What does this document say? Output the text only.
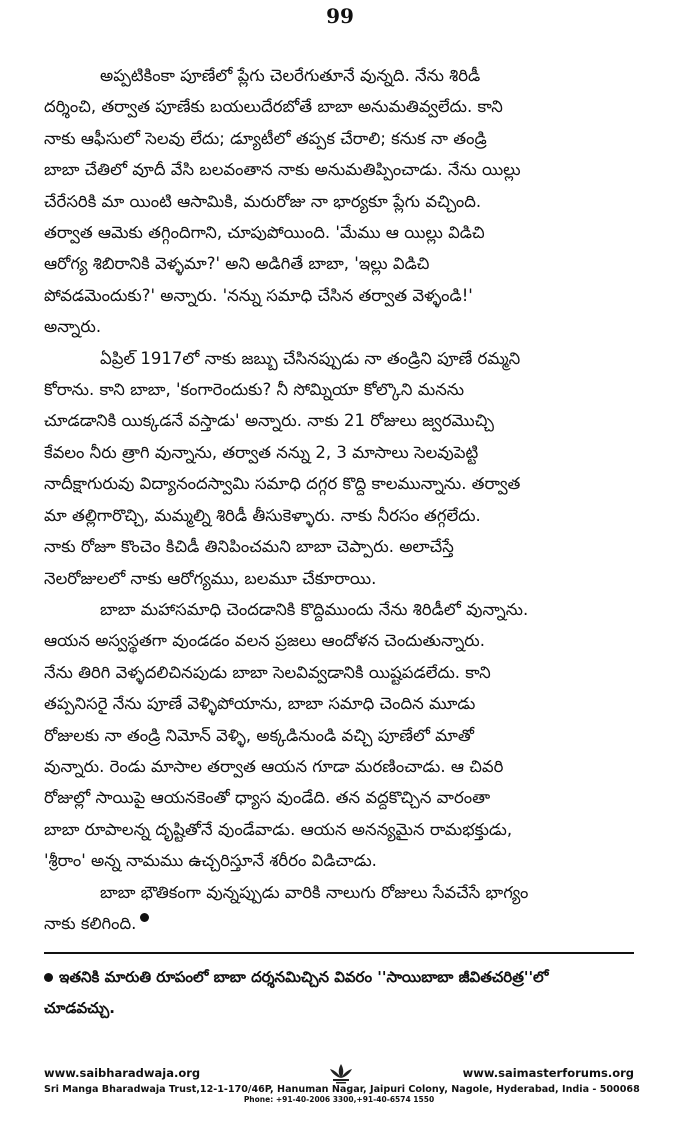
99

అప్పటికింకా పూణేలో ప్లేగు చెలరేగుతూనే వున్నది. నేను శిరిడీ
దర్శించి, తర్వాత పూణేకు బయలుదేరబోతే బాబా అనుమతివ్వలేదు. కాని
నాకు ఆఫీసులో సెలవు లేదు; డ్యూటీలో తప్పక చేరాలి; కనుక నా తండ్రి
బాబా చేతిలో వూదీ వేసి బలవంతాన నాకు అనుమతిప్పించాడు. నేను యిల్లు
చేరేసరికి మా యింటి ఆసామికి, మరురోజు నా భార్యకూ ప్లేగు వచ్చింది.
తర్వాత ఆమెకు తగ్గిందిగాని, చూపుపోయింది. 'మేము ఆ యిల్లు విడిచి
ఆరోగ్య శిబిరానికి వెళ్ళమా?' అని అడిగితే బాబా, 'ఇల్లు విడిచి
పోవడమెందుకు?' అన్నారు. 'నన్ను సమాధి చేసిన తర్వాత వెళ్ళండి!'
అన్నారు.

ఏప్రిల్ 1917లో నాకు జబ్బు చేసినప్పుడు నా తండ్రిని పూణే రమ్మని
కోరాను. కాని బాబా, 'కంగారెందుకు? నీ సోమ్నియా కోల్కొని మనను
చూడడానికి యిక్కడనే వస్తాడు' అన్నారు. నాకు 21 రోజులు జ్వరమొచ్చి
కేవలం నీరు త్రాగి వున్నాను, తర్వాత నన్ను 2, 3 మాసాలు సెలవుపెట్టి
నాదీక్షాగురువు విద్యానందస్వామి సమాధి దగ్గర కొద్ది కాలమున్నాను. తర్వాత
మా తల్లిగారొచ్చి, మమ్మల్ని శిరిడీ తీసుకెళ్ళారు. నాకు నీరసం తగ్గలేదు.
నాకు రోజూ కొంచెం కిచిడీ తినిపించమని బాబా చెప్పారు. అలాచేస్తే
నెలరోజులలో నాకు ఆరోగ్యము, బలమూ చేకూరాయి.

బాబా మహాసమాధి చెందడానికి కొద్దిముందు నేను శిరిడీలో వున్నాను.
ఆయన అస్వస్థతగా వుండడం వలన ప్రజలు ఆందోళన చెందుతున్నారు.
నేను తిరిగి వెళ్ళదలిచినపుడు బాబా సెలవివ్వడానికి యిష్టపడలేదు. కాని
తప్పనిసరై నేను పూణే వెళ్ళిపోయాను, బాబా సమాధి చెందిన మూడు
రోజులకు నా తండ్రి నిమోన్ వెళ్ళి, అక్కడినుండి వచ్చి పూణేలో మాతో
వున్నారు. రెండు మాసాల తర్వాత ఆయన గూడా మరణించాడు. ఆ చివరి
రోజుల్లో సాయిపై ఆయనకెంతో ధ్యాస వుండేది. తన వద్దకొచ్చిన వారంతా
బాబా రూపాలన్న దృష్టితోనే వుండేవాడు. ఆయన అనన్యమైన రామభక్తుడు,
'శ్రీరాం' అన్న నామము ఉచ్చరిస్తూనే శరీరం విడిచాడు.

బాబా భౌతికంగా వున్నప్పుడు వారికి నాలుగు రోజులు సేవచేసే భాగ్యం
నాకు కలిగింది.

ఇతనికి మారుతి రూపంలో బాబా దర్శనమిచ్చిన వివరం ''సాయిబాబా జీవితచరిత్ర''లో
చూడవచ్చు.
www.saibharadwaja.org	www.saimasterforums.org
Sri Manga Bharadwaja Trust,12-1-170/46P, Hanuman Nagar, Jaipuri Colony, Nagole, Hyderabad, India - 500068
Phone: +91-40-2006 3300,+91-40-6574 1550
